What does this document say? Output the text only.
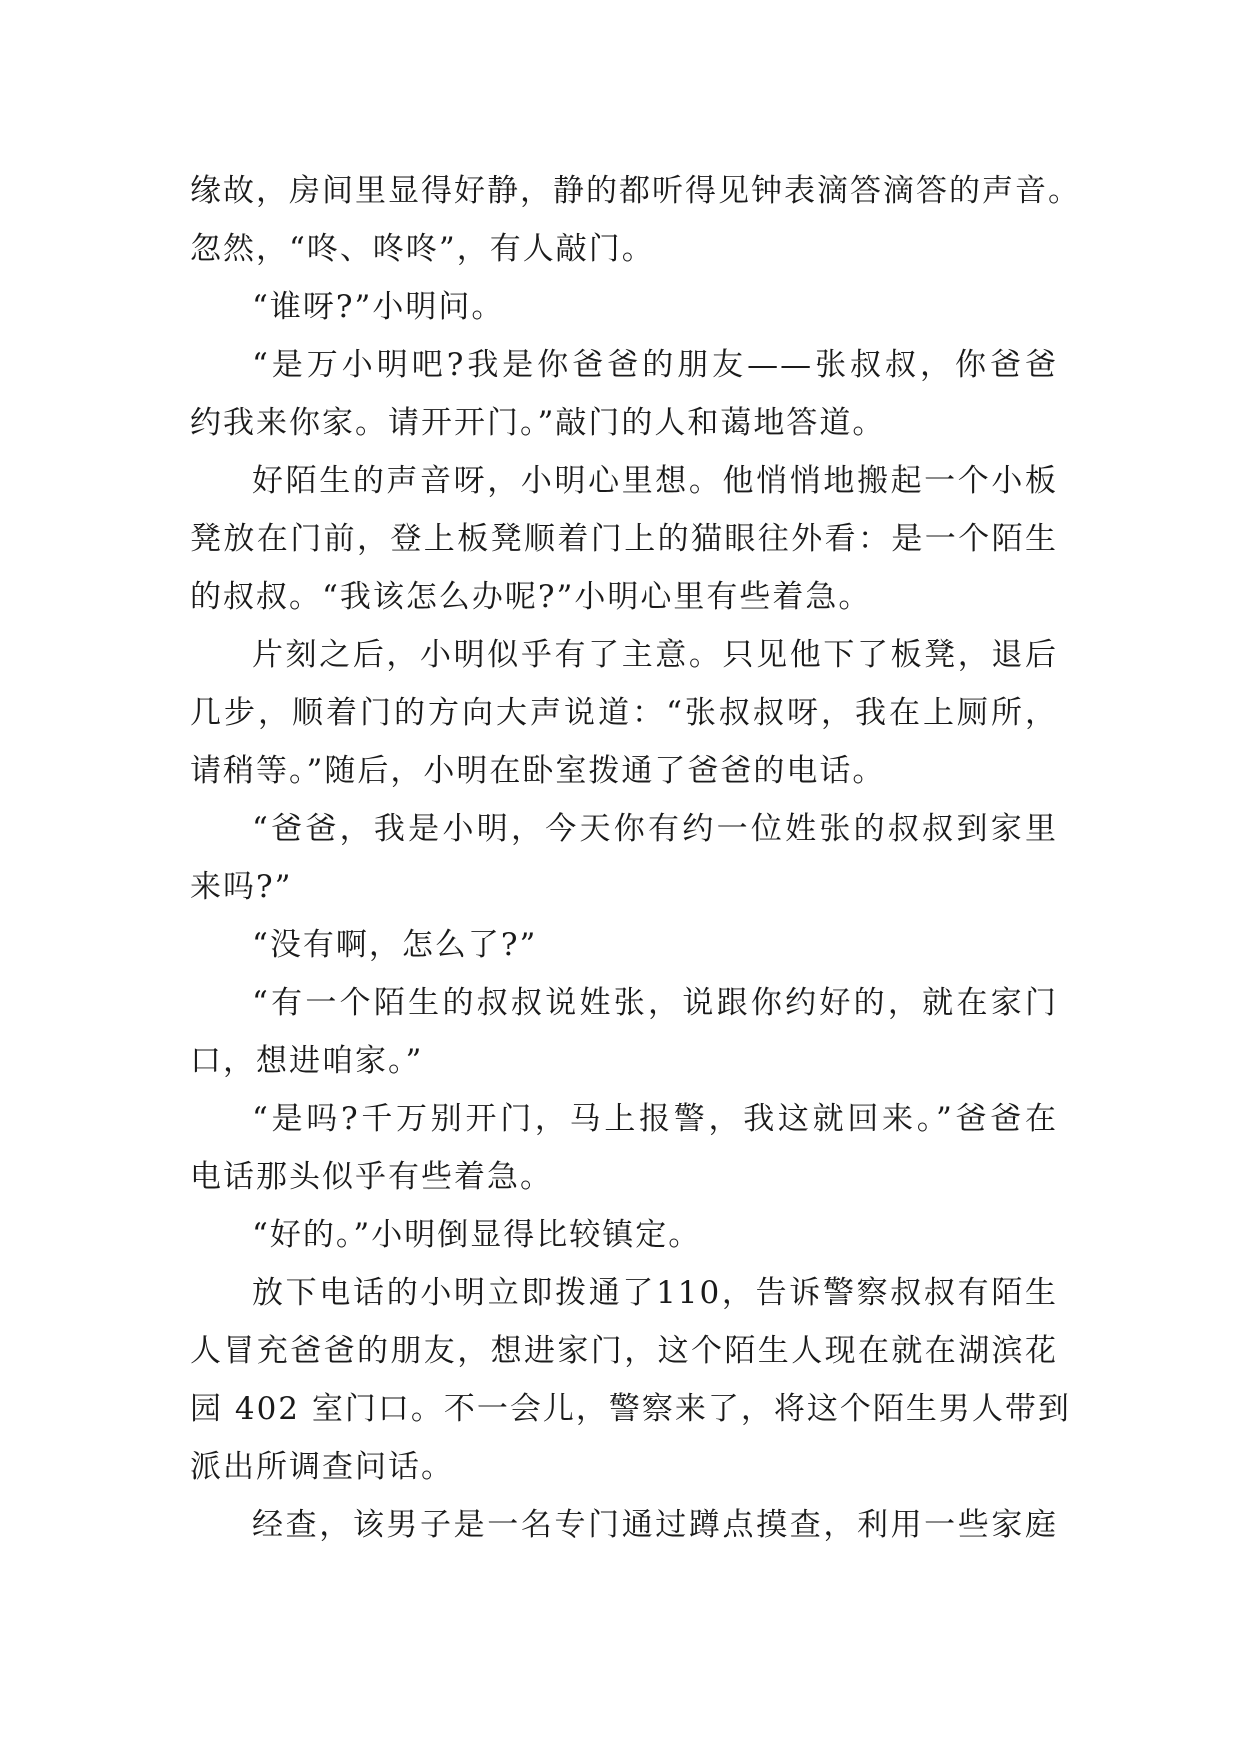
缘故，房间里显得好静，静的都听得见钟表滴答滴答的声音。
忽然，“咚、咚咚”，有人敲门。
“谁呀?”小明问。
“是万小明吧?我是你爸爸的朋友——张叔叔，你爸爸
约我来你家。请开开门。”敲门的人和蔼地答道。
好陌生的声音呀，小明心里想。他悄悄地搬起一个小板
凳放在门前，登上板凳顺着门上的猫眼往外看：是一个陌生
的叔叔。“我该怎么办呢?”小明心里有些着急。
片刻之后，小明似乎有了主意。只见他下了板凳，退后
几步，顺着门的方向大声说道：“张叔叔呀，我在上厕所，
请稍等。”随后，小明在卧室拨通了爸爸的电话。
“爸爸，我是小明，今天你有约一位姓张的叔叔到家里
来吗?”
“没有啊，怎么了?”
“有一个陌生的叔叔说姓张，说跟你约好的，就在家门
口，想进咱家。”
“是吗?千万别开门，马上报警，我这就回来。”爸爸在
电话那头似乎有些着急。
“好的。”小明倒显得比较镇定。
放下电话的小明立即拨通了110，告诉警察叔叔有陌生
人冒充爸爸的朋友，想进家门，这个陌生人现在就在湖滨花
园 402 室门口。不一会儿，警察来了，将这个陌生男人带到
派出所调查问话。
经查，该男子是一名专门通过蹲点摸查，利用一些家庭
